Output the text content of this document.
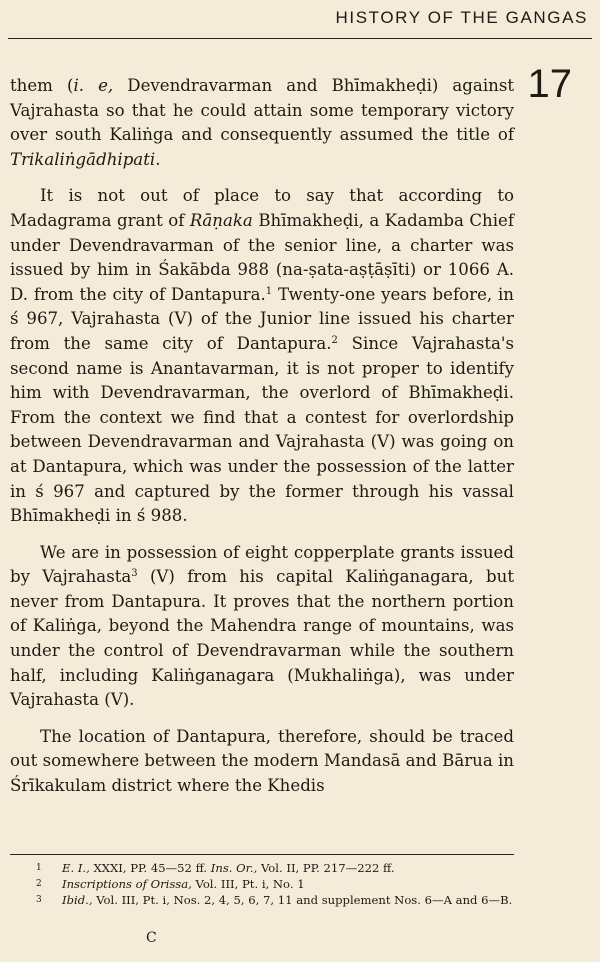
HISTORY OF THE GANGAS
17

them (i. e, Devendravarman and Bhīmakheḍi) against Vajrahasta so that he could attain some temporary victory over south Kaliṅga and consequently assumed the title of Trikaliṅgādhipati.

It is not out of place to say that according to Madagrama grant of Rāṇaka Bhīmakheḍi, a Kadamba Chief under Devendravarman of the senior line, a charter was issued by him in Śakābda 988 (na-ṣata-aṣṭāṣīti) or 1066 A. D. from the city of Dantapura.$^1$ Twenty-one years before, in ś 967, Vajrahasta (V) of the Junior line issued his charter from the same city of Dantapura.$^2$ Since Vajrahasta's second name is Anantavarman, it is not proper to identify him with Devendravarman, the overlord of Bhīmakheḍi. From the context we find that a contest for overlordship between Devendravarman and Vajrahasta (V) was going on at Dantapura, which was under the possession of the latter in ś 967 and captured by the former through his vassal Bhīmakheḍi in ś 988.

We are in possession of eight copperplate grants issued by Vajrahasta$^3$ (V) from his capital Kaliṅganagara, but never from Dantapura. It proves that the northern portion of Kaliṅga, beyond the Mahendra range of mountains, was under the control of Devendravarman while the southern half, including Kaliṅganagara (Mukhaliṅga), was under Vajrahasta (V).

The location of Dantapura, therefore, should be traced out somewhere between the modern Mandasā and Bārua in Śrīkakulam district where the Khedis

1 E. I., XXXI, PP. 45—52 ff. Ins. Or., Vol. II, PP. 217—222 ff.
2 Inscriptions of Orissa, Vol. III, Pt. i, No. 1
3 Ibid., Vol. III, Pt. i, Nos. 2, 4, 5, 6, 7, 11 and supplement Nos. 6—A and 6—B.
C
